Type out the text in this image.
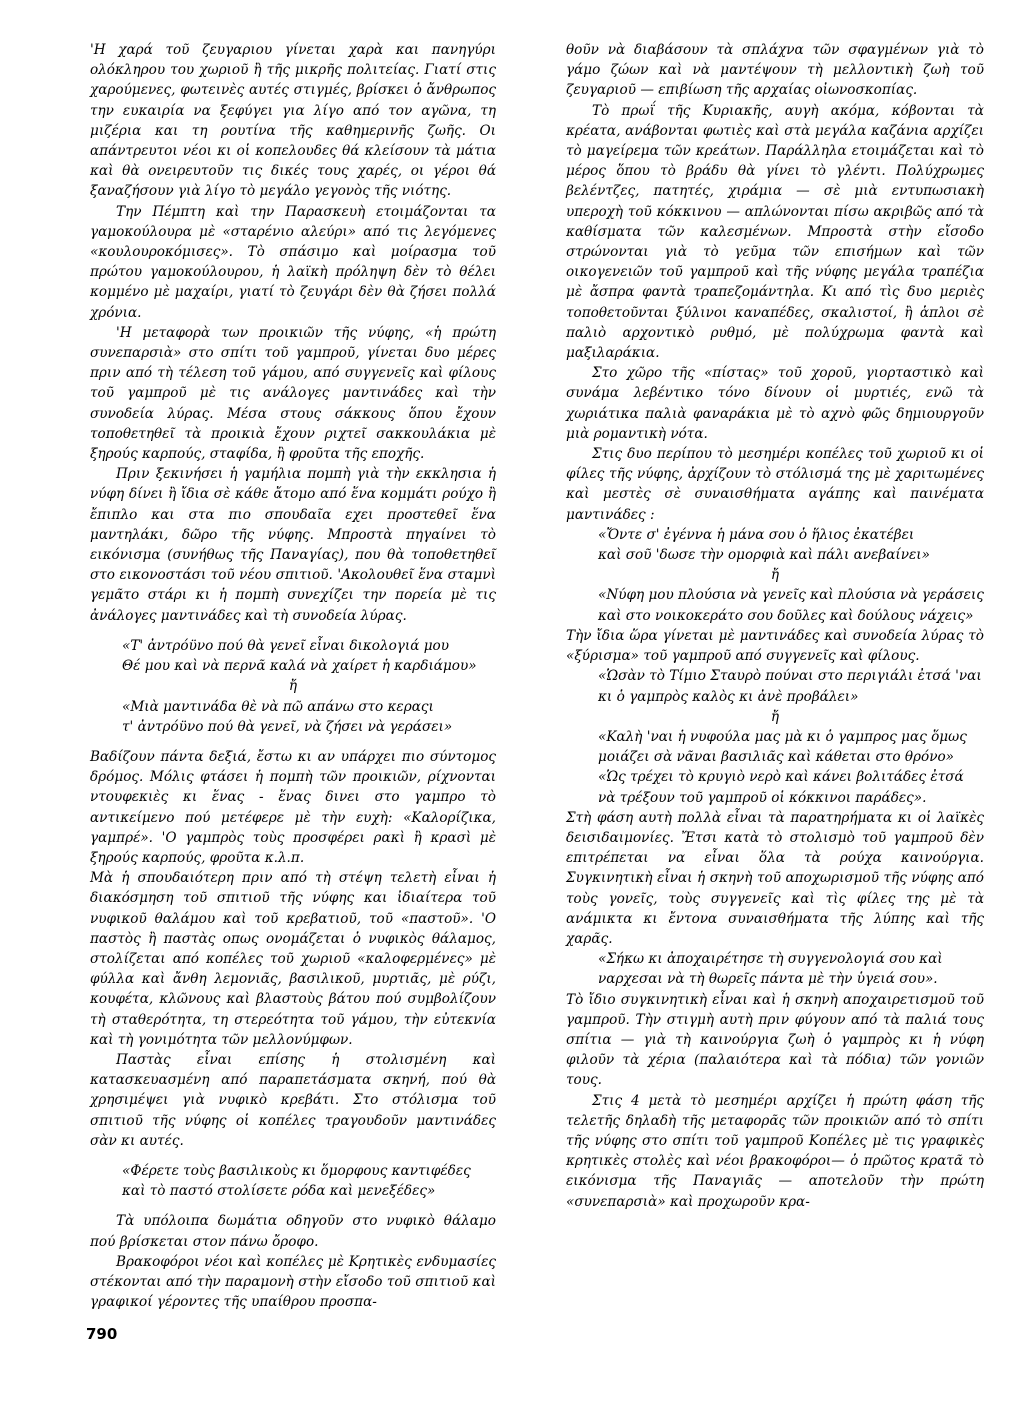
'Η χαρά τοῦ ζευγαριου γίνεται χαρὰ και πανηγύρι ολόκληρου του χωριοῦ ἢ τῆς μικρῆς πολιτείας. Γιατί στις χαρούμενες, φωτεινὲς αυτές στιγμές, βρίσκει ὁ ἄνθρωπος την ευκαιρία να ξεφύγει για λίγο από τον αγῶνα, τη μιζέρια και τη ρουτίνα τῆς καθημερινῆς ζωῆς. Οι απάντρευτοι νέοι κι οἱ κοπελουδες θά κλείσουν τὰ μάτια καὶ θὰ ονειρευτοῦν τις δικές τους χαρές, οι γέροι θά ξαναζήσουν γιὰ λίγο τὸ μεγάλο γεγονὸς τῆς νιότης.

Την Πέμπτη καὶ την Παρασκευὴ ετοιμάζονται τα γαμοκούλουρα μὲ «σταρένιο αλεύρι» από τις λεγόμενες «κουλουροκόμισες». Τὸ σπάσιμο καὶ μοίρασμα τοῦ πρώτου γαμοκούλουρου, ἡ λαϊκὴ πρόληψη δὲν τὸ θέλει κομμένο μὲ μαχαίρι, γιατί τὸ ζευγάρι δὲν θὰ ζήσει πολλά χρόνια.

'Η μεταφορὰ των προικιῶν τῆς νύφης, «ἡ πρώτη συνεπαρσιὰ» στο σπίτι τοῦ γαμπροῦ, γίνεται δυο μέρες πριν από τὴ τέλεση τοῦ γάμου, από συγγενεῖς καὶ φίλους τοῦ γαμπροῦ μὲ τις ανάλογες μαντινάδες καὶ τὴν συνοδεία λύρας. Μέσα στους σάκκους ὅπου ἔχουν τοποθετηθεῖ τὰ προικιὰ ἔχουν ριχτεῖ σακκουλάκια μὲ ξηρούς καρπούς, σταφίδα, ἢ φροῦτα τῆς εποχῆς.

Πριν ξεκινήσει ἡ γαμήλια πομπὴ γιὰ τὴν εκκλησια ἡ νύφη δίνει ἢ ἴδια σὲ κάθε ἄτομο από ἕνα κομμάτι ρούχο ἢ ἔπιπλο και στα πιο σπουδαῖα εχει προστεθεῖ ἕνα μαντηλάκι, δῶρο τῆς νύφης. Μπροστὰ πηγαίνει τὸ εικόνισμα (συνήθως τῆς Παναγίας), που θὰ τοποθετηθεῖ στο εικονοστάσι τοῦ νέου σπιτιοῦ. 'Ακολουθεῖ ἕνα σταμνὶ γεμᾶτο στάρι κι ἡ πομπὴ συνεχίζει την πορεία μὲ τις ἀνάλογες μαντινάδες καὶ τὴ συνοδεία λύρας.

«Τ' ἀντρόϋνο πού θὰ γενεῖ εἶναι δικολογιά μου

Θέ μου καὶ νὰ περνᾶ καλά νὰ χαίρετ ἡ καρδιάμου»

ἤ

«Μιὰ μαντινάδα θὲ νὰ πῶ απάνω στο κεραςι

τ' ἀντρόϋνο πού θὰ γενεῖ, νὰ ζήσει νὰ γεράσει»

Βαδίζουν πάντα δεξιά, ἔστω κι αν υπάρχει πιο σύντομος δρόμος. Μόλις φτάσει ἡ πομπὴ τῶν προικιῶν, ρίχνονται ντουφεκιὲς κι ἕνας - ἕνας δινει στο γαμπρο τὸ αντικείμενο πού μετέφερε μὲ τὴν ευχὴ: «Καλορίζικα, γαμπρέ». 'Ο γαμπρὸς τοὺς προσφέρει ρακὶ ἢ κρασὶ μὲ ξηρούς καρπούς, φροῦτα κ.λ.π.

Μὰ ἡ σπουδαιότερη πριν από τὴ στέψη τελετὴ εἶναι ἡ διακόσμηση τοῦ σπιτιοῦ τῆς νύφης και ἰδιαίτερα τοῦ νυφικοῦ θαλάμου καὶ τοῦ κρεβατιοῦ, τοῦ «παστοῦ». 'Ο παστὸς ἢ παστὰς οπως ονομάζεται ὁ νυφικὸς θάλαμος, στολίζεται από κοπέλες τοῦ χωριοῦ «καλοφερμένες» μὲ φύλλα καὶ ἄνθη λεμονιᾶς, βασιλικοῦ, μυρτιᾶς, μὲ ρύζι, κουφέτα, κλῶνους καὶ βλαστοὺς βάτου πού συμβολίζουν τὴ σταθερότητα, τη στερεότητα τοῦ γάμου, τὴν εὐτεκνία καὶ τὴ γονιμότητα τῶν μελλονύμφων.

Παστὰς εἶναι επίσης ἡ στολισμένη καὶ κατασκευασμένη από παραπετάσματα σκηνή, πού θὰ χρησιμέψει γιὰ νυφικὸ κρεβάτι. Στο στόλισμα τοῦ σπιτιοῦ τῆς νύφης οἱ κοπέλες τραγουδοῦν μαντινάδες σὰν κι αυτές.

«Φέρετε τοὺς βασιλικοὺς κι ὅμορφους καντιφέδες

καὶ τὸ παστό στολίσετε ρόδα καὶ μενεξέδες»

Τὰ υπόλοιπα δωμάτια οδηγοῦν στο νυφικὸ θάλαμο πού βρίσκεται στον πάνω ὄροφο.

Βρακοφόροι νέοι καὶ κοπέλες μὲ Κρητικὲς ενδυμασίες στέκονται από τὴν παραμονὴ στὴν εἴσοδο τοῦ σπιτιοῦ καὶ γραφικοί γέροντες τῆς υπαίθρου προσπα-

θοῦν νὰ διαβάσουν τὰ σπλάχνα τῶν σφαγμένων γιὰ τὸ γάμο ζώων καὶ νὰ μαντέψουν τὴ μελλοντικὴ ζωὴ τοῦ ζευγαριοῦ — επιβίωση τῆς αρχαίας οἰωνοσκοπίας.

Τὸ πρωΐ τῆς Κυριακῆς, αυγὴ ακόμα, κόβονται τὰ κρέατα, ανάβονται φωτιὲς καὶ στὰ μεγάλα καζάνια αρχίζει τὸ μαγείρεμα τῶν κρεάτων. Παράλληλα ετοιμάζεται καὶ τὸ μέρος ὅπου τὸ βράδυ θὰ γίνει τὸ γλέντι. Πολύχρωμες βελέντζες, πατητές, χιράμια — σὲ μιὰ εντυπωσιακὴ υπεροχὴ τοῦ κόκκινου — απλώνονται πίσω ακριβῶς από τὰ καθίσματα τῶν καλεσμένων. Μπροστὰ στὴν εἴσοδο στρώνονται γιὰ τὸ γεῦμα τῶν επισήμων καὶ τῶν οικογενειῶν τοῦ γαμπροῦ καὶ τῆς νύφης μεγάλα τραπέζια μὲ ἄσπρα φαντὰ τραπεζομάντηλα. Κι από τὶς δυο μεριὲς τοποθετοῦνται ξύλινοι καναπέδες, σκαλιστοί, ἢ ἁπλοι σὲ παλιὸ αρχοντικὸ ρυθμό, μὲ πολύχρωμα φαντὰ καὶ μαξιλαράκια.

Στο χῶρο τῆς «πίστας» τοῦ χοροῦ, γιορταστικὸ καὶ συνάμα λεβέντικο τόνο δίνουν οἱ μυρτιές, ενῶ τὰ χωριάτικα παλιὰ φαναράκια μὲ τὸ αχνὸ φῶς δημιουργοῦν μιὰ ρομαντικὴ νότα.

Στις δυο περίπου τὸ μεσημέρι κοπέλες τοῦ χωριοῦ κι οἱ φίλες τῆς νύφης, ἀρχίζουν τὸ στόλισμά της μὲ χαριτωμένες καὶ μεστὲς σὲ συναισθήματα αγάπης καὶ παινέματα μαντινάδες :

«Ὄντε σ' ἐγέννα ἡ μάνα σου ὁ ἥλιος ἐκατέβει

καὶ σοῦ 'δωσε τὴν ομορφιὰ καὶ πάλι ανεβαίνει»

ἤ

«Νύφη μου πλούσια νὰ γενεῖς καὶ πλούσια νὰ γεράσεις

καὶ στο νοικοκεράτο σου δοῦλες καὶ δούλους νάχεις»

Τὴν ἴδια ὥρα γίνεται μὲ μαντινάδες καὶ συνοδεία λύρας τὸ «ξύρισμα» τοῦ γαμπροῦ από συγγενεῖς καὶ φίλους.

«Ὡσὰν τὸ Τίμιο Σταυρὸ πούναι στο περιγιάλι ἐτσά 'ναι κι ὁ γαμπρὸς καλὸς κι ἀνὲ προβάλει»

ἤ

«Καλὴ 'ναι ἡ νυφούλα μας μὰ κι ὁ γαμπρος μας ὅμως μοιάζει σὰ νᾶναι βασιλιᾶς καὶ κάθεται στο θρόνο»

«Ὡς τρέχει τὸ κρυγιὸ νερὸ καὶ κάνει βολιτάδες ἐτσά νὰ τρέξουν τοῦ γαμπροῦ οἱ κόκκινοι παράδες».

Στὴ φάση αυτὴ πολλὰ εἶναι τὰ παρατηρήματα κι οἱ λαϊκὲς δεισιδαιμονίες. Ἔτσι κατὰ τὸ στολισμὸ τοῦ γαμπροῦ δὲν επιτρέπεται να εἶναι ὅλα τὰ ρούχα καινούργια. Συγκινητικὴ εἶναι ἡ σκηνὴ τοῦ αποχωρισμοῦ τῆς νύφης από τοὺς γονεῖς, τοὺς συγγενεῖς καὶ τὶς φίλες της μὲ τὰ ανάμικτα κι ἔντονα συναισθήματα τῆς λύπης καὶ τῆς χαρᾶς.

«Σήκω κι ἀποχαιρέτησε τὴ συγγενολογιά σου καὶ ναρχεσαι νὰ τὴ θωρεῖς πάντα μὲ τὴν ὑγειά σου».

Τὸ ἴδιο συγκινητικὴ εἶναι καὶ ἡ σκηνὴ αποχαιρετισμοῦ τοῦ γαμπροῦ. Τὴν στιγμὴ αυτὴ πριν φύγουν από τὰ παλιά τους σπίτια — γιὰ τὴ καινούργια ζωὴ ὁ γαμπρὸς κι ἡ νύφη φιλοῦν τὰ χέρια (παλαιότερα καὶ τὰ πόδια) τῶν γονιῶν τους.

Στις 4 μετὰ τὸ μεσημέρι αρχίζει ἡ πρώτη φάση τῆς τελετῆς δηλαδὴ τῆς μεταφορᾶς τῶν προικιῶν από τὸ σπίτι τῆς νύφης στο σπίτι τοῦ γαμπροῦ Κοπέλες μὲ τις γραφικὲς κρητικὲς στολὲς καὶ νέοι βρακοφόροι— ὁ πρῶτος κρατᾶ τὸ εικόνισμα τῆς Παναγιᾶς — αποτελοῦν τὴν πρώτη «συνεπαρσιὰ» καὶ προχωροῦν κρα-

790
